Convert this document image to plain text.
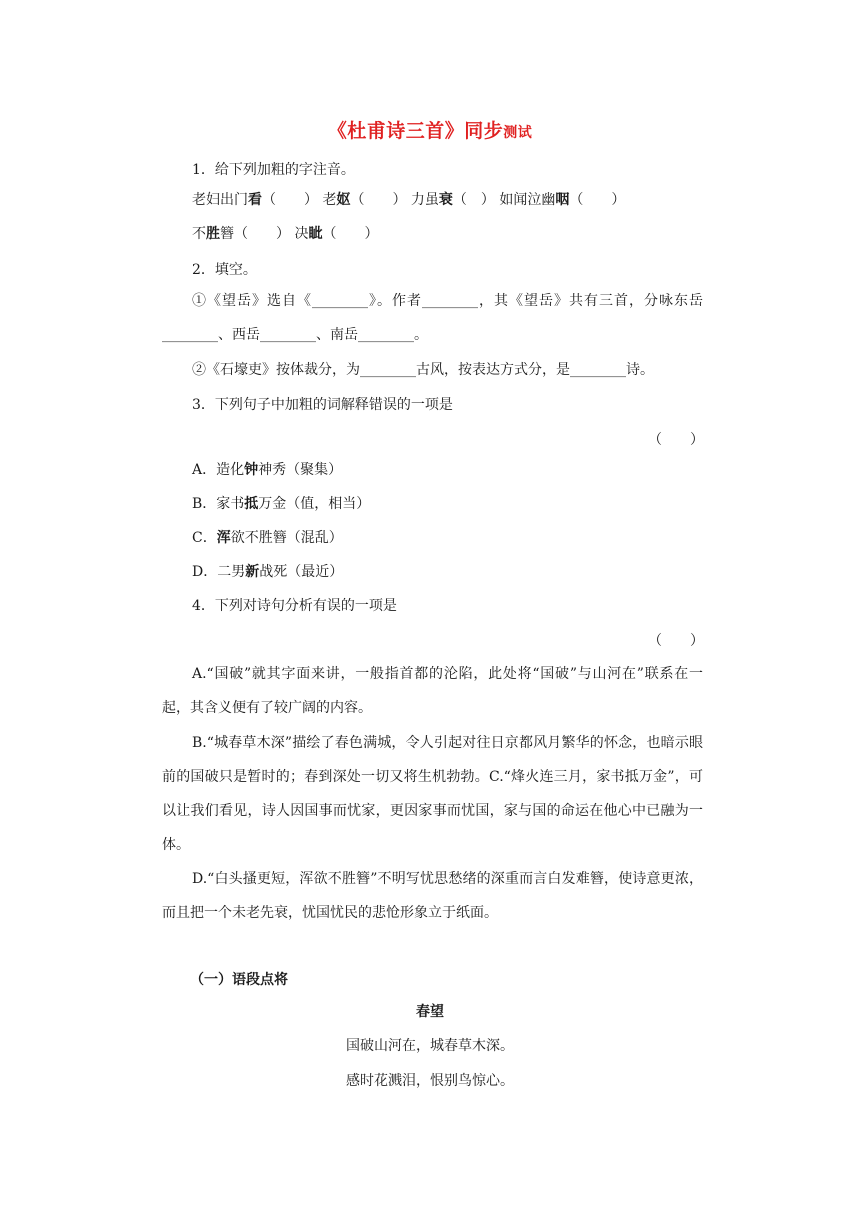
《杜甫诗三首》同步测试
1．给下列加粗的字注音。
老妇出门看（　　） 老妪（　　） 力虽衰（　） 如闻泣幽咽（　　）
不胜簪（　　） 决眦（　　）
2．填空。
①《望岳》选自《________》。作者________，其《望岳》共有三首，分咏东岳________、西岳________、南岳________。
②《石壕吏》按体裁分，为________古风，按表达方式分，是________诗。
3．下列句子中加粗的词解释错误的一项是
（　　）
A．造化钟神秀（聚集）
B．家书抵万金（值，相当）
C．浑欲不胜簪（混乱）
D．二男新战死（最近）
4．下列对诗句分析有误的一项是
（　　）
A.“国破”就其字面来讲，一般指首都的沦陷，此处将“国破”与山河在”联系在一起，其含义便有了较广阔的内容。
B.“城春草木深”描绘了春色满城，令人引起对往日京都风月繁华的怀念，也暗示眼前的国破只是暂时的；春到深处一切又将生机勃勃。C.“烽火连三月，家书抵万金”，可以让我们看见，诗人因国事而忧家，更因家事而忧国，家与国的命运在他心中已融为一体。
D.“白头搔更短，浑欲不胜簪”不明写忧思愁绪的深重而言白发难簪，使诗意更浓，而且把一个未老先衰，忧国忧民的悲怆形象立于纸面。
（一）语段点将
春望
国破山河在，城春草木深。
感时花溅泪，恨别鸟惊心。
